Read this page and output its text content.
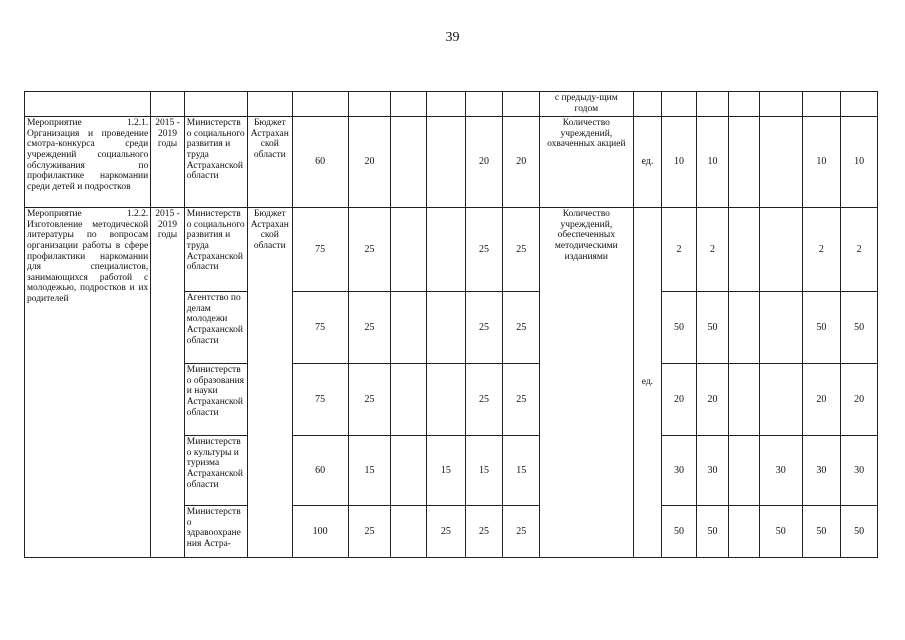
39
										с предыду-щим годом							
Мероприятие 1.2.1. Организация и проведение смотра-конкурса среди учреждений социального обслуживания по профилактике наркомании среди детей и подростков	2015 - 2019 годы	Министерство социального развития и труда Астраханской области	Бюджет Астраханской области	60	20			20	20	Количество учреждений, охваченных акцией	ед.	10	10			10	10
Мероприятие 1.2.2. Изготовление методической литературы по вопросам организации работы в сфере профилактики наркомании для специалистов, занимающихся работой с молодежью, подростков и их родителей	2015 - 2019 годы	Министерство социального развития и труда Астраханской области	Бюджет Астраханской области	75	25			25	25	Количество учреждений, обеспеченных методическими изданиями	ед.	2	2			2	2
		Агентство по делам молодежи Астраханской области		75	25			25	25			50	50			50	50
		Министерство образования и науки Астраханской области		75	25			25	25			20	20			20	20
		Министерство культуры и туризма Астраханской области		60	15		15	15	15			30	30		30	30	30
		Министерство здравоохранения Астра-		100	25		25	25	25			50	50		50	50	50
